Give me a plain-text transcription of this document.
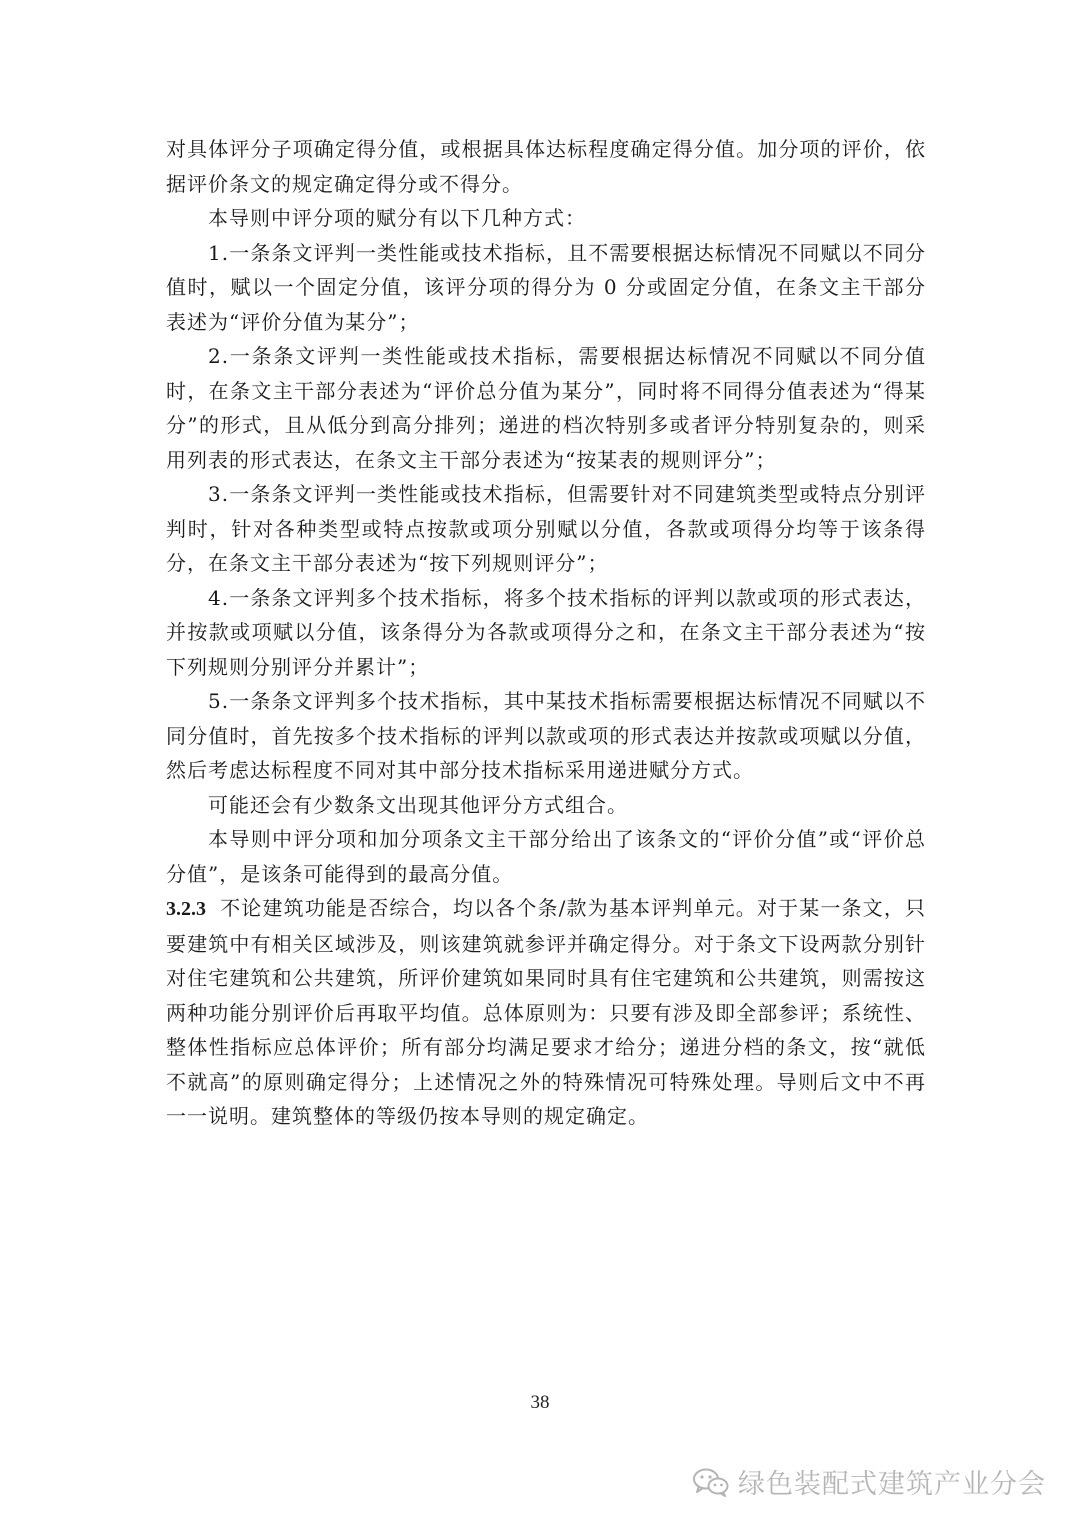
对具体评分子项确定得分值，或根据具体达标程度确定得分值。加分项的评价，依据评价条文的规定确定得分或不得分。

本导则中评分项的赋分有以下几种方式：

1.一条条文评判一类性能或技术指标，且不需要根据达标情况不同赋以不同分值时，赋以一个固定分值，该评分项的得分为 0 分或固定分值，在条文主干部分表述为“评价分值为某分”；

2.一条条文评判一类性能或技术指标，需要根据达标情况不同赋以不同分值时，在条文主干部分表述为“评价总分值为某分”，同时将不同得分值表述为“得某分”的形式，且从低分到高分排列；递进的档次特别多或者评分特别复杂的，则采用列表的形式表达，在条文主干部分表述为“按某表的规则评分”；

3.一条条文评判一类性能或技术指标，但需要针对不同建筑类型或特点分别评判时，针对各种类型或特点按款或项分别赋以分值，各款或项得分均等于该条得分，在条文主干部分表述为“按下列规则评分”；

4.一条条文评判多个技术指标，将多个技术指标的评判以款或项的形式表达，并按款或项赋以分值，该条得分为各款或项得分之和，在条文主干部分表述为“按下列规则分别评分并累计”；

5.一条条文评判多个技术指标，其中某技术指标需要根据达标情况不同赋以不同分值时，首先按多个技术指标的评判以款或项的形式表达并按款或项赋以分值，然后考虑达标程度不同对其中部分技术指标采用递进赋分方式。

可能还会有少数条文出现其他评分方式组合。

本导则中评分项和加分项条文主干部分给出了该条文的“评价分值”或“评价总分值”，是该条可能得到的最高分值。

3.2.3 不论建筑功能是否综合，均以各个条/款为基本评判单元。对于某一条文，只要建筑中有相关区域涉及，则该建筑就参评并确定得分。对于条文下设两款分别针对住宅建筑和公共建筑，所评价建筑如果同时具有住宅建筑和公共建筑，则需按这两种功能分别评价后再取平均值。总体原则为：只要有涉及即全部参评；系统性、整体性指标应总体评价；所有部分均满足要求才给分；递进分档的条文，按“就低不就高”的原则确定得分；上述情况之外的特殊情况可特殊处理。导则后文中不再一一说明。建筑整体的等级仍按本导则的规定确定。

38
绿色装配式建筑产业分会
